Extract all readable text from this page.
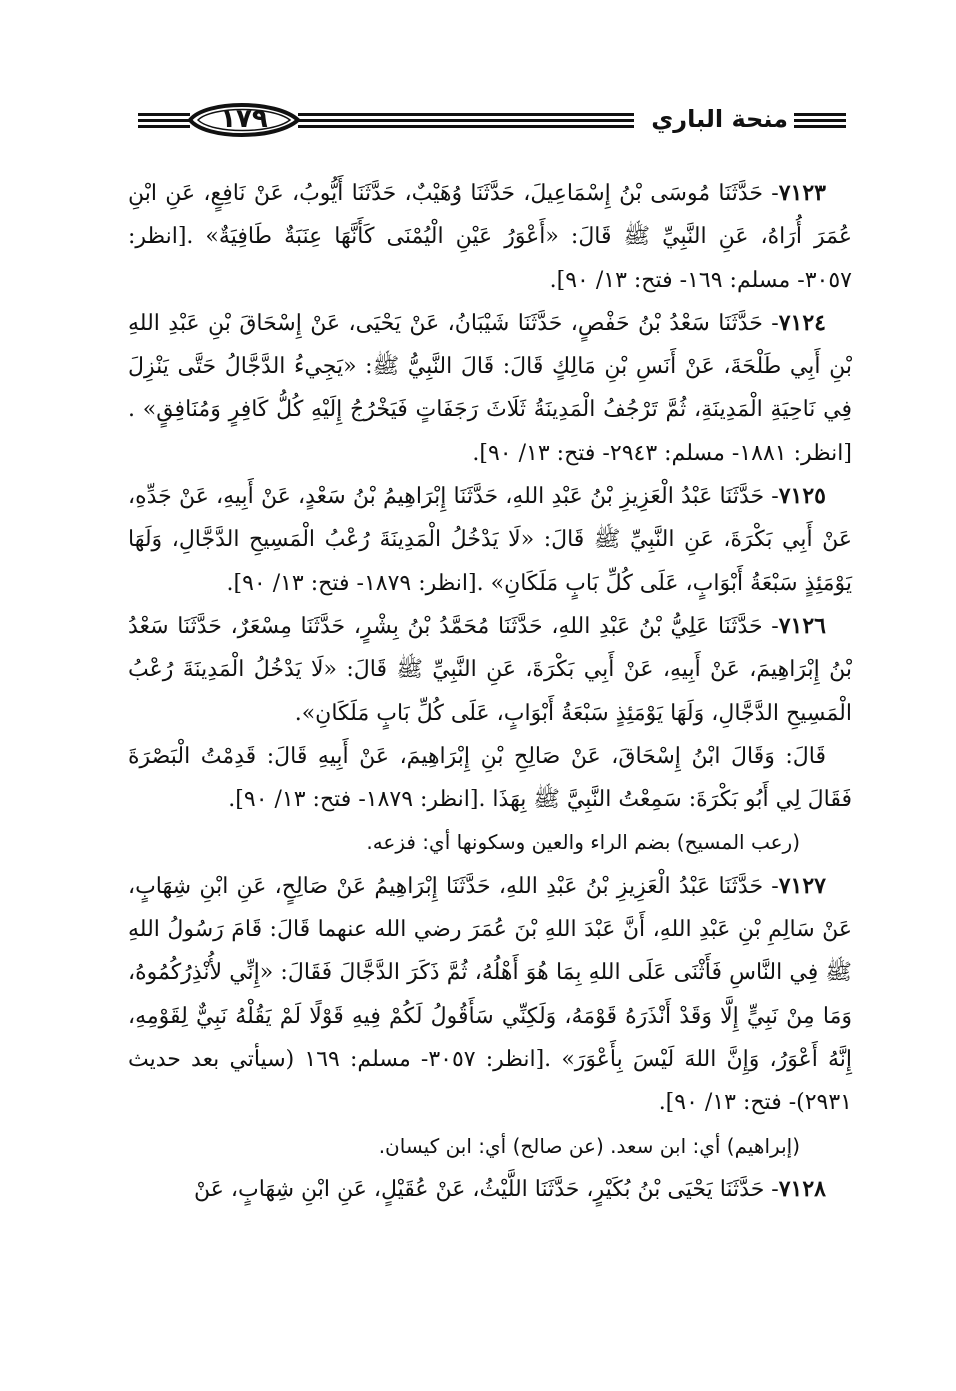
١٧٩	منحة الباري

٧١٢٣- حَدَّثَنَا مُوسَى بْنُ إِسْمَاعِيلَ، حَدَّثَنَا وُهَيْبٌ، حَدَّثَنَا أَيُّوبُ، عَنْ نَافِعٍ، عَنِ ابْنِ عُمَرَ أُرَاهُ، عَنِ النَّبِيِّ ﷺ قَالَ: «أَعْوَرُ عَيْنِ الْيُمْنَى كَأَنَّهَا عِنَبَةٌ طَافِيَةٌ» .[انظر: ٣٠٥٧- مسلم: ١٦٩- فتح: ١٣/ ٩٠].

٧١٢٤- حَدَّثَنَا سَعْدُ بْنُ حَفْصٍ، حَدَّثَنَا شَيْبَانُ، عَنْ يَحْيَى، عَنْ إِسْحَاقَ بْنِ عَبْدِ اللهِ بْنِ أَبِي طَلْحَةَ، عَنْ أَنَسِ بْنِ مَالِكٍ قَالَ: قَالَ النَّبِيُّ ﷺ: «يَجِيءُ الدَّجَّالُ حَتَّى يَنْزِلَ فِي نَاحِيَةِ الْمَدِينَةِ، ثُمَّ تَرْجُفُ الْمَدِينَةُ ثَلَاثَ رَجَفَاتٍ فَيَخْرُجُ إِلَيْهِ كُلُّ كَافِرٍ وَمُنَافِقٍ» .[انظر: ١٨٨١- مسلم: ٢٩٤٣- فتح: ١٣/ ٩٠].

٧١٢٥- حَدَّثَنَا عَبْدُ الْعَزِيزِ بْنُ عَبْدِ اللهِ، حَدَّثَنَا إِبْرَاهِيمُ بْنُ سَعْدٍ، عَنْ أَبِيهِ، عَنْ جَدِّهِ، عَنْ أَبِي بَكْرَةَ، عَنِ النَّبِيِّ ﷺ قَالَ: «لَا يَدْخُلُ الْمَدِينَةَ رُعْبُ الْمَسِيحِ الدَّجَّالِ، وَلَهَا يَوْمَئِذٍ سَبْعَةُ أَبْوَابٍ، عَلَى كُلِّ بَابٍ مَلَكَانِ» .[انظر: ١٨٧٩- فتح: ١٣/ ٩٠].

٧١٢٦- حَدَّثَنَا عَلِيُّ بْنُ عَبْدِ اللهِ، حَدَّثَنَا مُحَمَّدُ بْنُ بِشْرٍ، حَدَّثَنَا مِسْعَرٌ، حَدَّثَنَا سَعْدُ بْنُ إِبْرَاهِيمَ، عَنْ أَبِيهِ، عَنْ أَبِي بَكْرَةَ، عَنِ النَّبِيِّ ﷺ قَالَ: «لَا يَدْخُلُ الْمَدِينَةَ رُعْبُ الْمَسِيحِ الدَّجَّالِ، وَلَهَا يَوْمَئِذٍ سَبْعَةُ أَبْوَابٍ، عَلَى كُلِّ بَابٍ مَلَكَانِ».

قَالَ: وَقَالَ ابْنُ إِسْحَاقَ، عَنْ صَالِحِ بْنِ إِبْرَاهِيمَ، عَنْ أَبِيهِ قَالَ: قَدِمْتُ الْبَصْرَةَ فَقَالَ لِي أَبُو بَكْرَةَ: سَمِعْتُ النَّبِيَّ ﷺ بِهَذَا .[انظر: ١٨٧٩- فتح: ١٣/ ٩٠].

(رعب المسيح) بضم الراء والعين وسكونها أي: فزعه.

٧١٢٧- حَدَّثَنَا عَبْدُ الْعَزِيزِ بْنُ عَبْدِ اللهِ، حَدَّثَنَا إِبْرَاهِيمُ عَنْ صَالِحٍ، عَنِ ابْنِ شِهَابٍ، عَنْ سَالِمِ بْنِ عَبْدِ اللهِ، أَنَّ عَبْدَ اللهِ بْنَ عُمَرَ رضي الله عنهما قَالَ: قَامَ رَسُولُ اللهِ ﷺ فِي النَّاسِ فَأَثْنَى عَلَى اللهِ بِمَا هُوَ أَهْلُهُ، ثُمَّ ذَكَرَ الدَّجَّالَ فَقَالَ: «إِنِّي لأُنْذِرُكُمُوهُ، وَمَا مِنْ نَبِيٍّ إِلَّا وَقَدْ أَنْذَرَهُ قَوْمَهُ، وَلَكِنِّي سَأَقُولُ لَكُمْ فِيهِ قَوْلًا لَمْ يَقُلْهُ نَبِيٌّ لِقَوْمِهِ، إِنَّهُ أَعْوَرُ، وَإِنَّ اللهَ لَيْسَ بِأَعْوَرَ» .[انظر: ٣٠٥٧- مسلم: ١٦٩ (سيأتي بعد حديث ٢٩٣١)- فتح: ١٣/ ٩٠].

(إبراهيم) أي: ابن سعد. (عن صالح) أي: ابن كيسان.

٧١٢٨- حَدَّثَنَا يَحْيَى بْنُ بُكَيْرٍ، حَدَّثَنَا اللَّيْثُ، عَنْ عُقَيْلٍ، عَنِ ابْنِ شِهَابٍ، عَنْ
